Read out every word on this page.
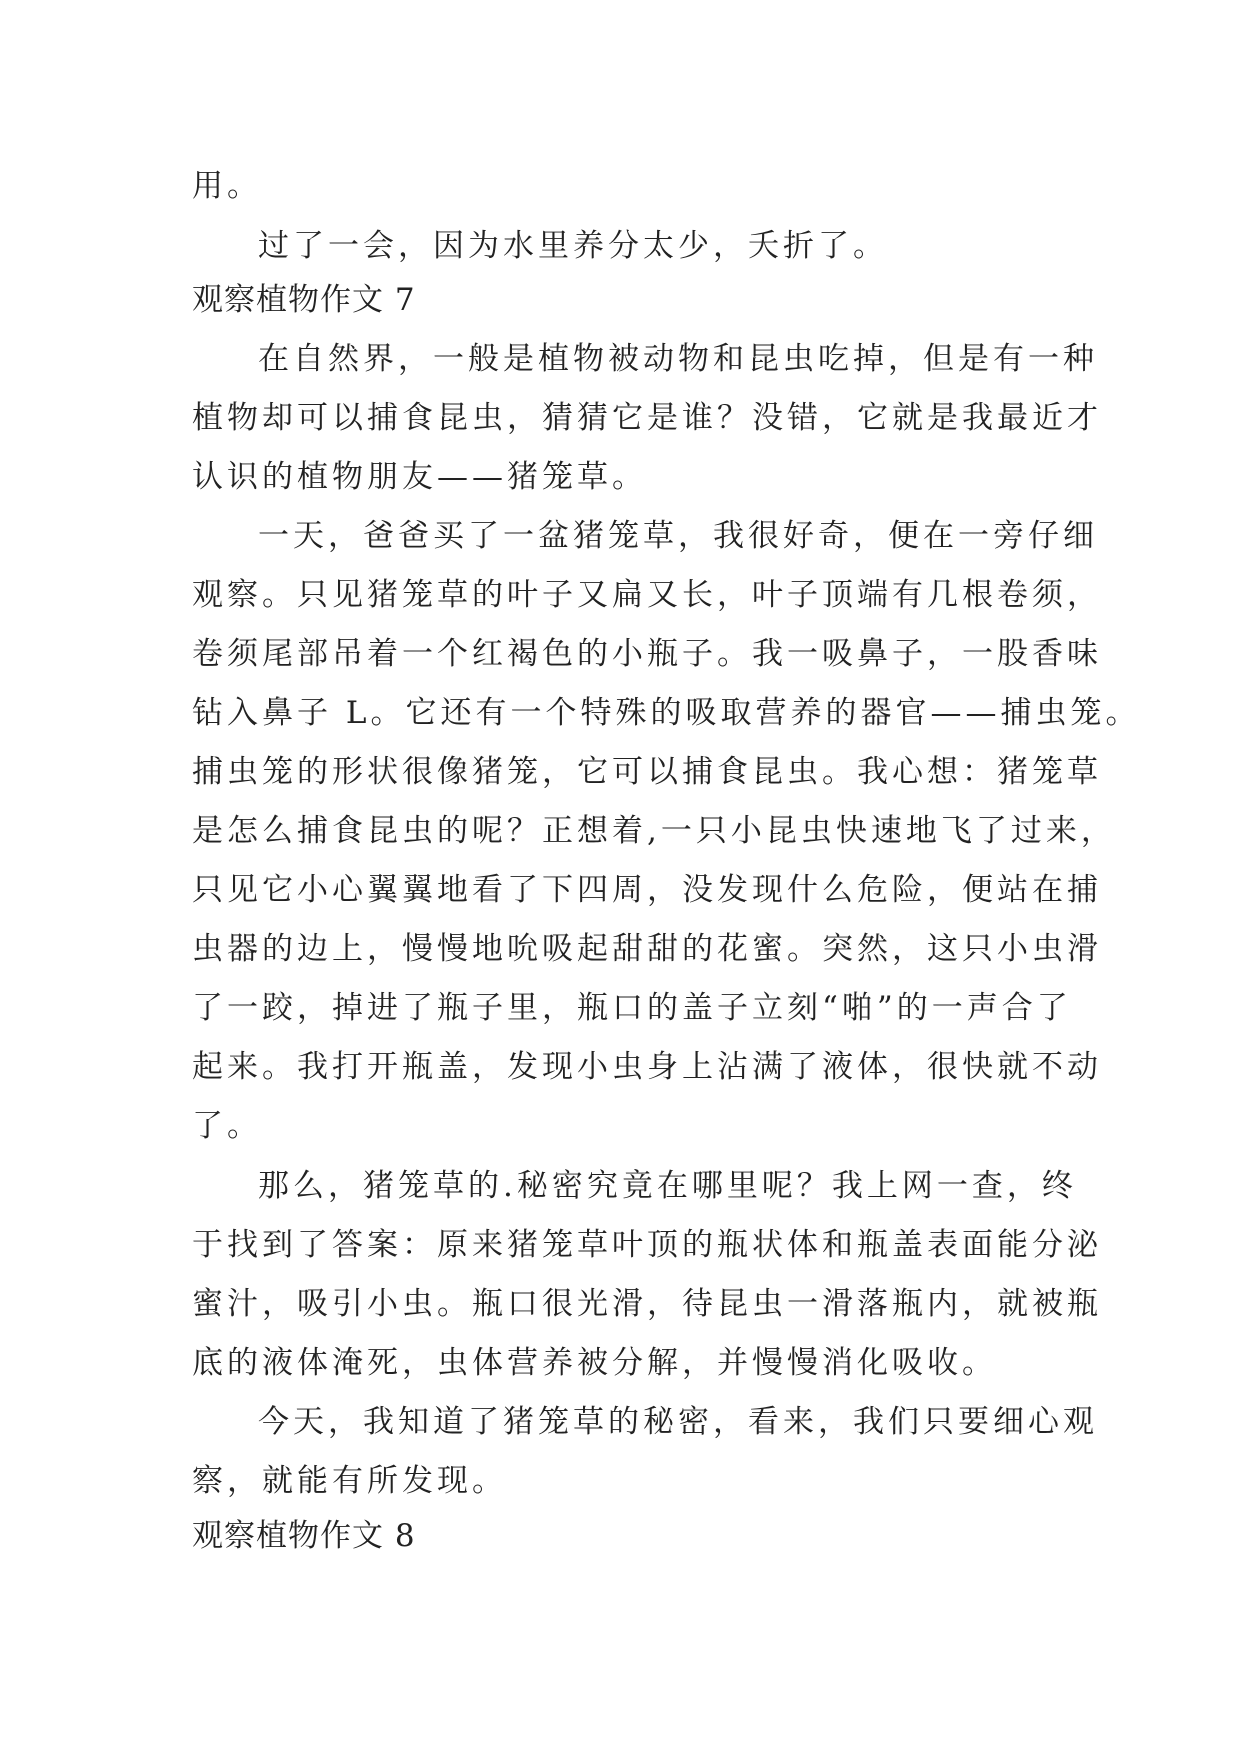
用。
过了一会，因为水里养分太少，夭折了。
观察植物作文 7
在自然界，一般是植物被动物和昆虫吃掉，但是有一种
植物却可以捕食昆虫，猜猜它是谁？没错，它就是我最近才
认识的植物朋友——猪笼草。
一天，爸爸买了一盆猪笼草，我很好奇，便在一旁仔细
观察。只见猪笼草的叶子又扁又长，叶子顶端有几根卷须，
卷须尾部吊着一个红褐色的小瓶子。我一吸鼻子，一股香味
钻入鼻子 L。它还有一个特殊的吸取营养的器官——捕虫笼。
捕虫笼的形状很像猪笼，它可以捕食昆虫。我心想：猪笼草
是怎么捕食昆虫的呢？正想着,一只小昆虫快速地飞了过来，
只见它小心翼翼地看了下四周，没发现什么危险，便站在捕
虫器的边上，慢慢地吮吸起甜甜的花蜜。突然，这只小虫滑
了一跤，掉进了瓶子里，瓶口的盖子立刻“啪”的一声合了
起来。我打开瓶盖，发现小虫身上沾满了液体，很快就不动
了。
那么，猪笼草的.秘密究竟在哪里呢？我上网一查，终
于找到了答案：原来猪笼草叶顶的瓶状体和瓶盖表面能分泌
蜜汁，吸引小虫。瓶口很光滑，待昆虫一滑落瓶内，就被瓶
底的液体淹死，虫体营养被分解，并慢慢消化吸收。
今天，我知道了猪笼草的秘密，看来，我们只要细心观
察，就能有所发现。
观察植物作文 8
